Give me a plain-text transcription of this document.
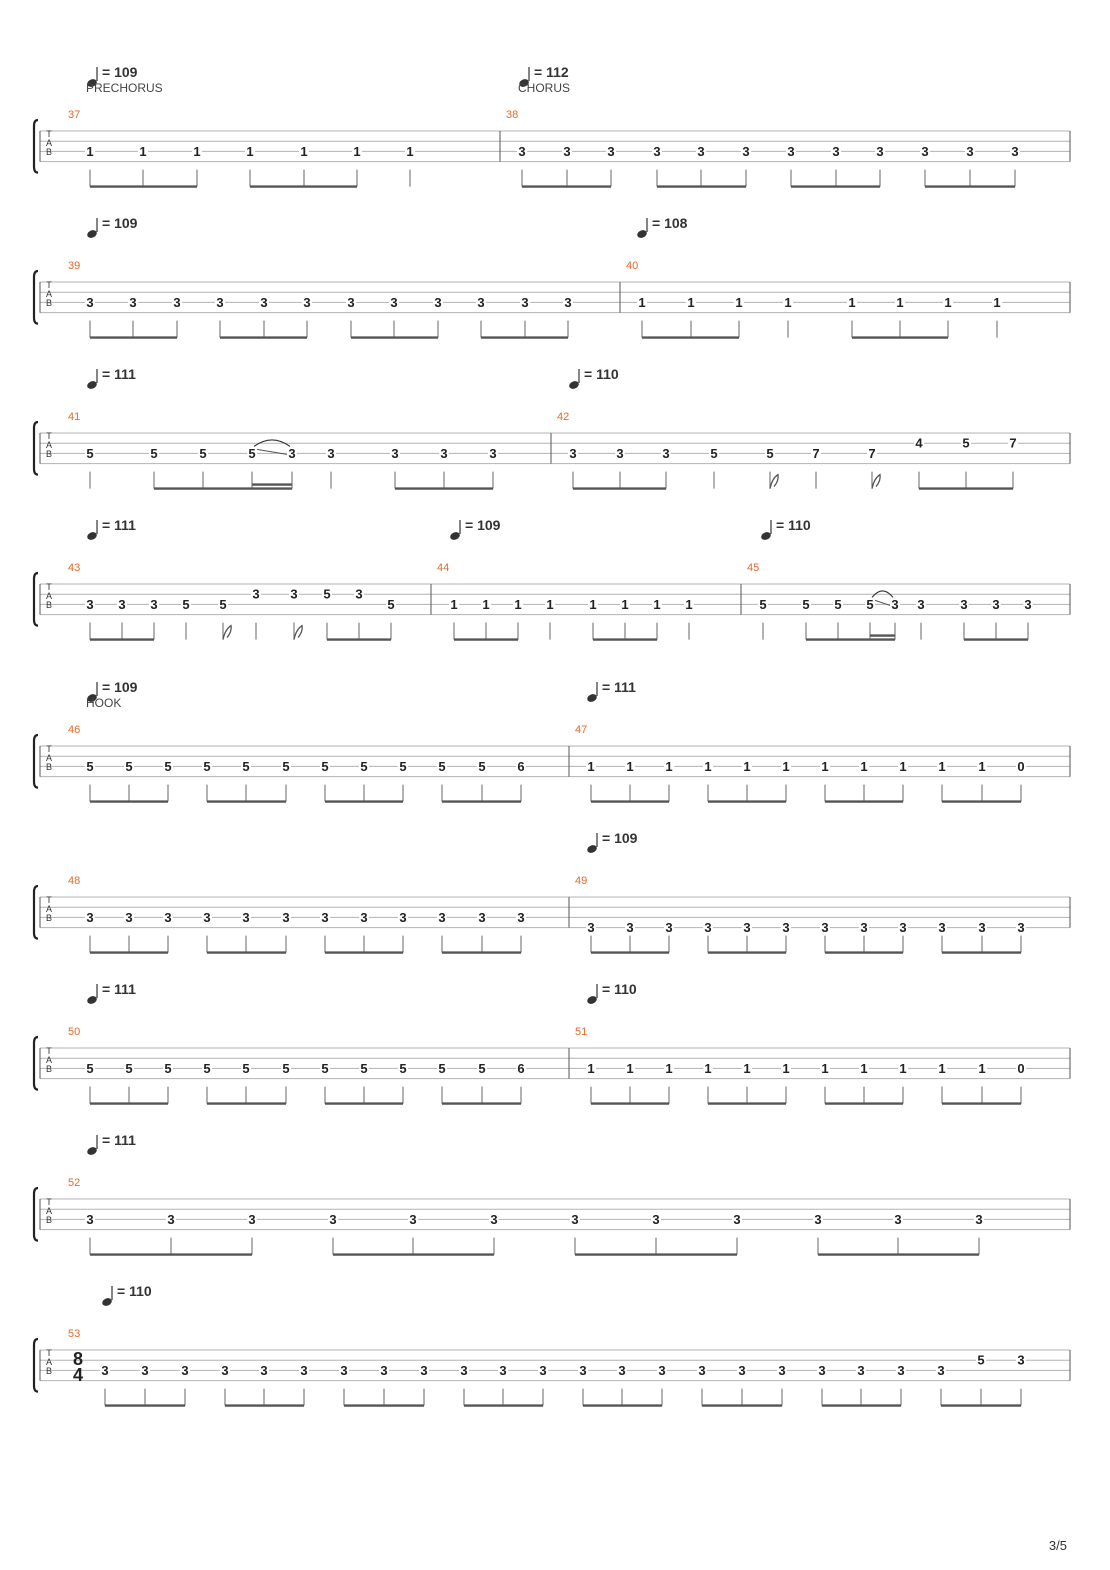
T
A
B
37
= 109
PRECHORUS
1	1	1	1	1	1	1
38
= 112
CHORUS
3	3	3	3	3	3	3	3	3	3	3	3
T
A
B
39
= 109
3	3	3	3	3	3	3	3	3	3	3	3
40
= 108
1	1	1	1	1	1	1	1
T
A
B
41
= 111
5	5	5	5	3 3	3	3	3
42
= 110
3	3	3	5	5	7	7
4	5	7
T
A
B
43
= 111
3 3 3 5 5
3 3 5 3
5
44
= 109
1 1 1 1	1 1 1 1
45
= 110
5	5 5 5 3 3	3 3 3
T
A
B
46
= 109
HOOK
5 5 5 5 5	5 5 5 5 5	5 6
47
= 111
1 1 1 1 1 1 1 1 1 1	1 0
T
A
B
48
3 3 3 3 3	3 3 3 3 3	3 3
49
= 109
3 3 3 3 3 3 3 3 3 3	3 3
T
A
B
50
= 111
5 5 5 5 5	5 5 5 5 5	5 6
51
= 110
1 1 1 1 1 1 1 1 1 1	1 0
T
A
B
52
= 111
3	3	3	3	3	3	3	3	3	3	3	3
T
A
B
53
= 110
8
4 3	3	3	3 3	3	3	3	3	3 3	3	3 3	3	3	3	3	3 3	3	3
5	3
3/5
